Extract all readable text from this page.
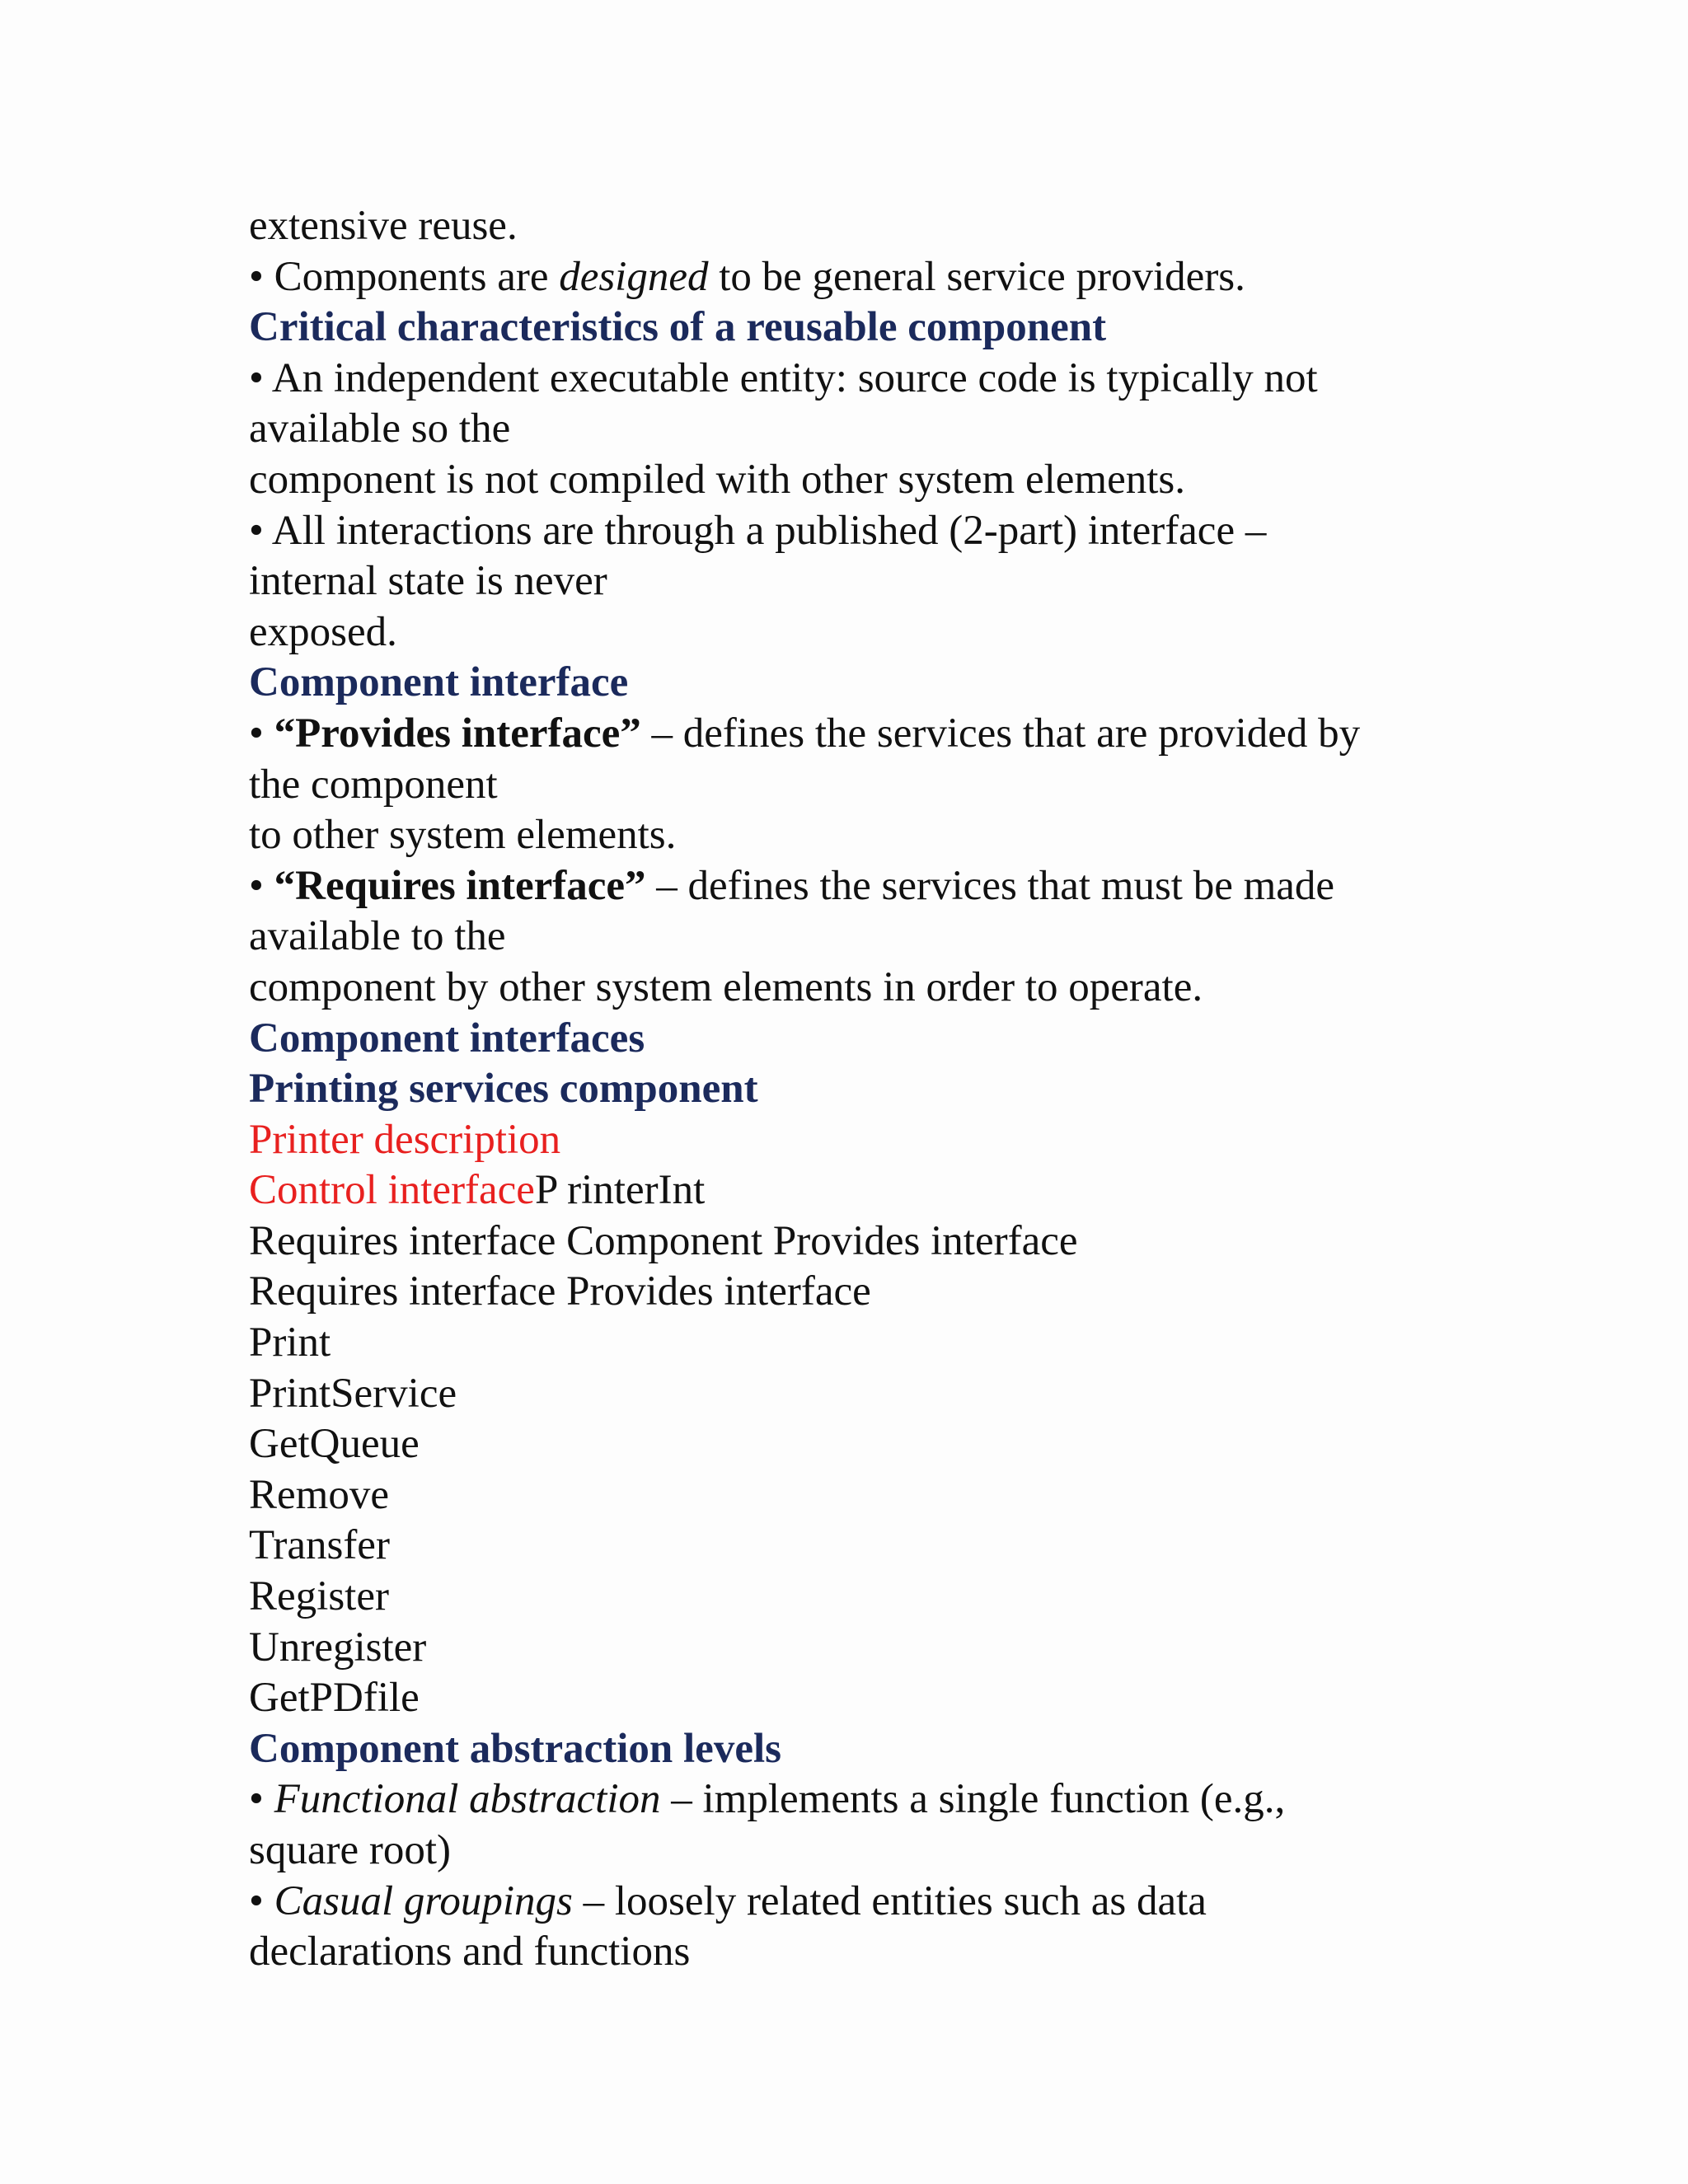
extensive reuse.
• Components are designed to be general service providers.
Critical characteristics of a reusable component
• An independent executable entity: source code is typically not
available so the
component is not compiled with other system elements.
• All interactions are through a published (2-part) interface –
internal state is never
exposed.
Component interface
• “Provides interface” – defines the services that are provided by
the component
to other system elements.
• “Requires interface” – defines the services that must be made
available to the
component by other system elements in order to operate.
Component interfaces
Printing services component
Printer description
Control interfaceP rinterInt
Requires interface Component Provides interface
Requires interface Provides interface
Print
PrintService
GetQueue
Remove
Transfer
Register
Unregister
GetPDfile
Component abstraction levels
• Functional abstraction – implements a single function (e.g.,
square root)
• Casual groupings – loosely related entities such as data
declarations and functions
